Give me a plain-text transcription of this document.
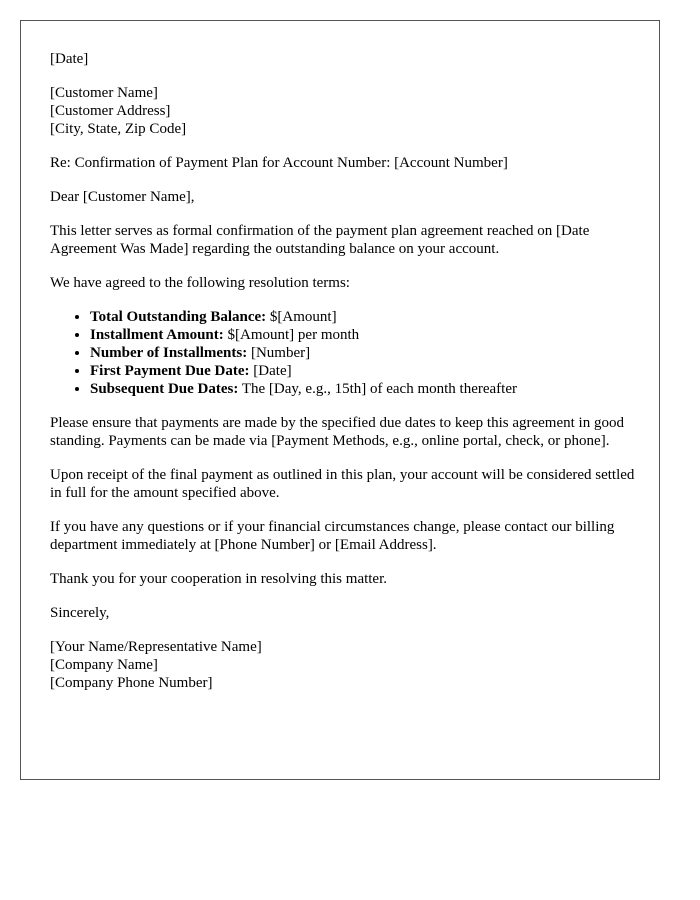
[Date]

[Customer Name]
[Customer Address]
[City, State, Zip Code]

Re: Confirmation of Payment Plan for Account Number: [Account Number]

Dear [Customer Name],

This letter serves as formal confirmation of the payment plan agreement reached on [Date Agreement Was Made] regarding the outstanding balance on your account.

We have agreed to the following resolution terms:

• Total Outstanding Balance: $[Amount]
• Installment Amount: $[Amount] per month
• Number of Installments: [Number]
• First Payment Due Date: [Date]
• Subsequent Due Dates: The [Day, e.g., 15th] of each month thereafter

Please ensure that payments are made by the specified due dates to keep this agreement in good standing. Payments can be made via [Payment Methods, e.g., online portal, check, or phone].

Upon receipt of the final payment as outlined in this plan, your account will be considered settled in full for the amount specified above.

If you have any questions or if your financial circumstances change, please contact our billing department immediately at [Phone Number] or [Email Address].

Thank you for your cooperation in resolving this matter.

Sincerely,

[Your Name/Representative Name]
[Company Name]
[Company Phone Number]
